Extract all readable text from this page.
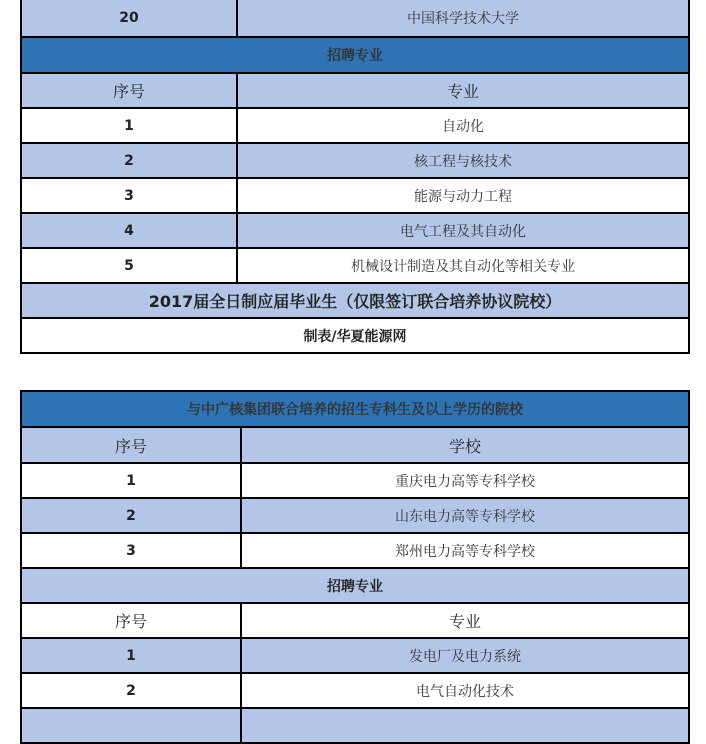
20	中国科学技术大学
招聘专业	
序号	专业
1	自动化
2	核工程与核技术
3	能源与动力工程
4	电气工程及其自动化
5	机械设计制造及其自动化等相关专业
2017届全日制应届毕业生（仅限签订联合培养协议院校）	
制表/华夏能源网	
与中广核集团联合培养的招生专科生及以上学历的院校	
序号	学校
1	重庆电力高等专科学校
2	山东电力高等专科学校
3	郑州电力高等专科学校
招聘专业	
序号	专业
1	发电厂及电力系统
2	电气自动化技术
